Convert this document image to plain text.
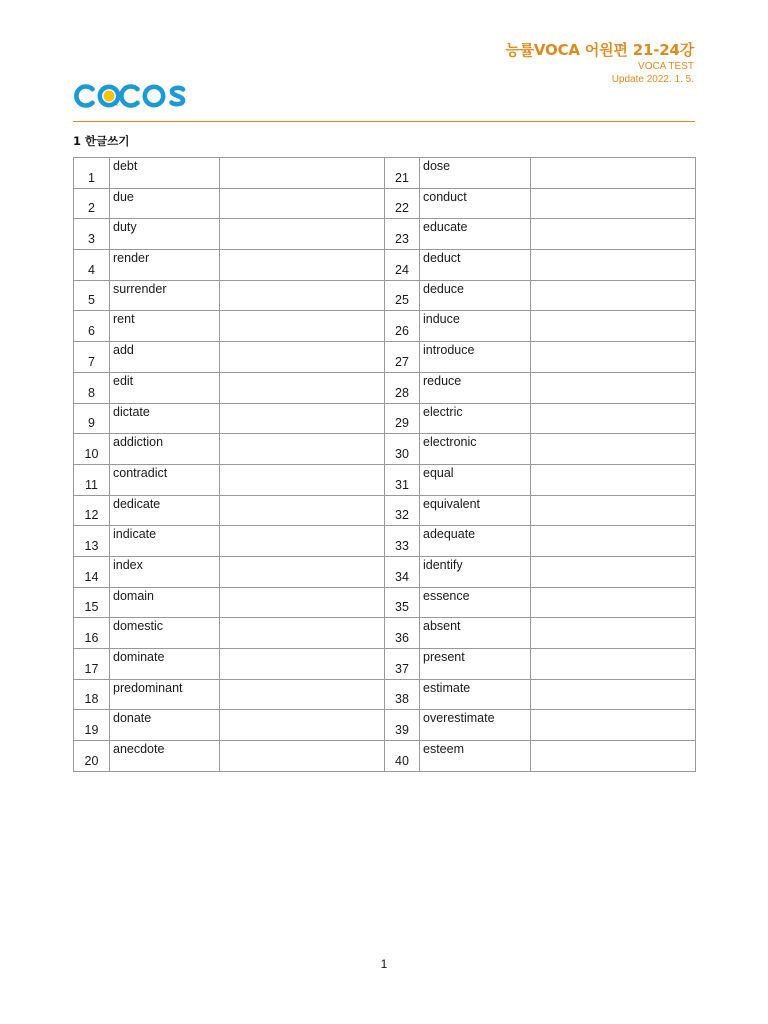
능률VOCA 어원편 21-24강
VOCA TEST
Update 2022. 1. 5.
1 한글쓰기
1	debt		21	dose	
2	due		22	conduct	
3	duty		23	educate	
4	render		24	deduct	
5	surrender		25	deduce	
6	rent		26	induce	
7	add		27	introduce	
8	edit		28	reduce	
9	dictate		29	electric	
10	addiction		30	electronic	
11	contradict		31	equal	
12	dedicate		32	equivalent	
13	indicate		33	adequate	
14	index		34	identify	
15	domain		35	essence	
16	domestic		36	absent	
17	dominate		37	present	
18	predominant		38	estimate	
19	donate		39	overestimate	
20	anecdote		40	esteem	
1
